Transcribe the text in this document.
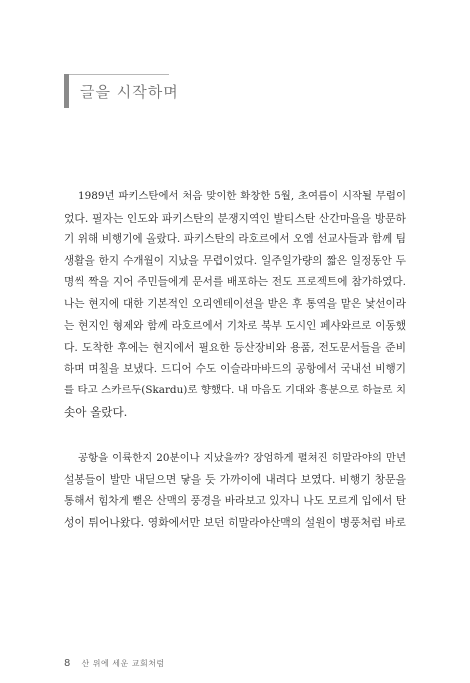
글을 시작하며
1989년 파키스탄에서 처음 맞이한 화창한 5월, 초여름이 시작될 무렵이
었다. 필자는 인도와 파키스탄의 분쟁지역인 발티스탄 산간마을을 방문하
기 위해 비행기에 올랐다. 파키스탄의 라호르에서 오엠 선교사들과 함께 팀
생활을 한지 수개월이 지났을 무렵이었다. 일주일가량의 짧은 일정동안 두
명씩 짝을 지어 주민들에게 문서를 배포하는 전도 프로젝트에 참가하였다.
나는 현지에 대한 기본적인 오리엔테이션을 받은 후 통역을 맡은 낯선이라
는 현지인 형제와 함께 라호르에서 기차로 북부 도시인 페샤와르로 이동했
다. 도착한 후에는 현지에서 필요한 등산장비와 용품, 전도문서들을 준비
하며 며칠을 보냈다. 드디어 수도 이슬라마바드의 공항에서 국내선 비행기
를 타고 스카르두(Skardu)로 향했다. 내 마음도 기대와 흥분으로 하늘로 치
솟아 올랐다.
공항을 이륙한지 20분이나 지났을까? 장엄하게 펼쳐진 히말라야의 만년
설봉들이 발만 내딛으면 닿을 듯 가까이에 내려다 보였다. 비행기 창문을
통해서 힘차게 뻗은 산맥의 풍경을 바라보고 있자니 나도 모르게 입에서 탄
성이 튀어나왔다. 영화에서만 보던 히말라야산맥의 설원이 병풍처럼 바로
8 산 위에 세운 교회처럼
